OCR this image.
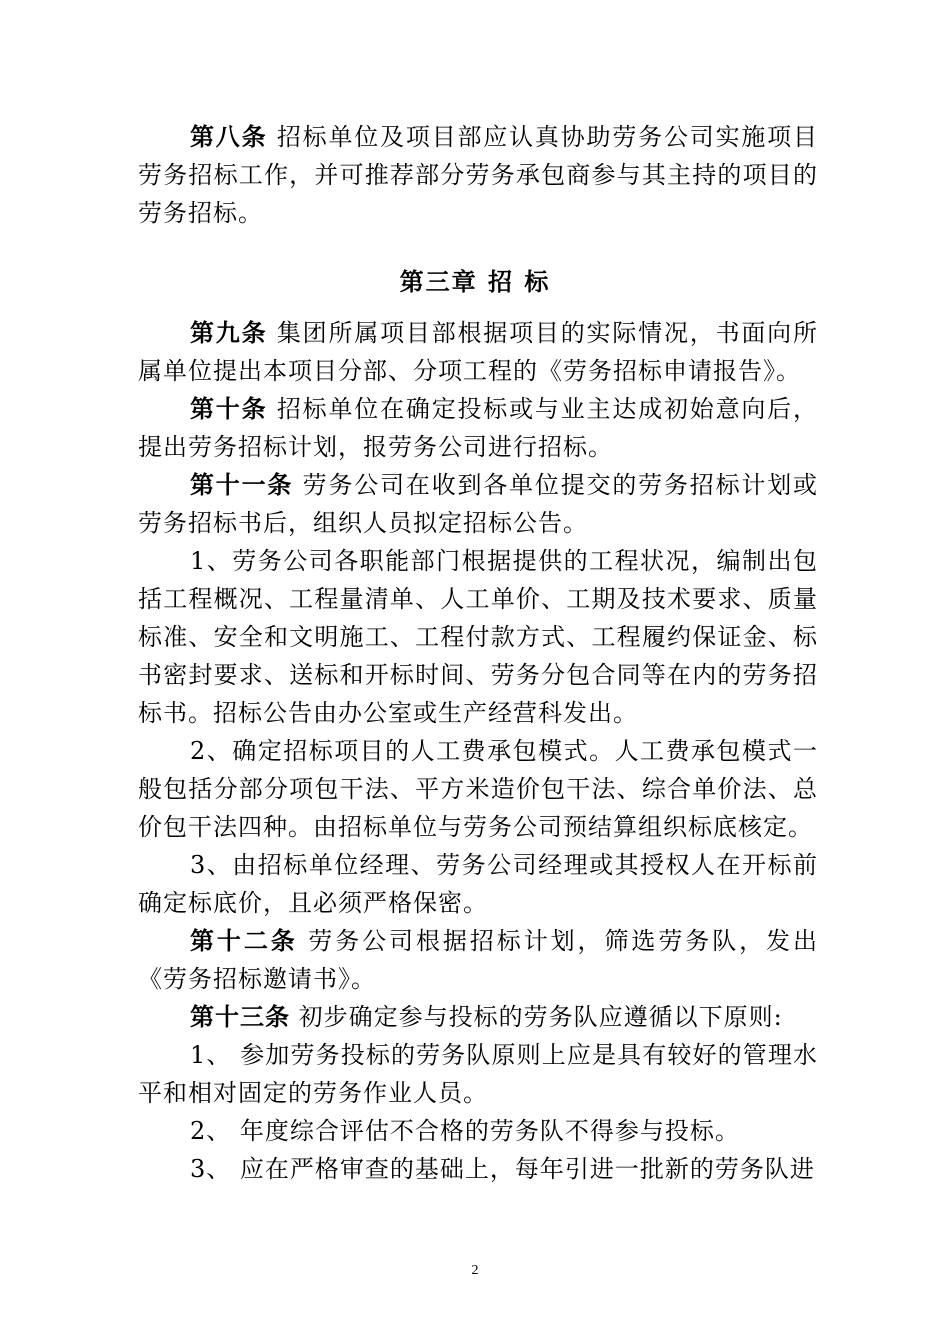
第八条 招标单位及项目部应认真协助劳务公司实施项目劳务招标工作，并可推荐部分劳务承包商参与其主持的项目的劳务招标。

第三章 招 标

第九条 集团所属项目部根据项目的实际情况，书面向所属单位提出本项目分部、分项工程的《劳务招标申请报告》。

第十条 招标单位在确定投标或与业主达成初始意向后，提出劳务招标计划，报劳务公司进行招标。

第十一条 劳务公司在收到各单位提交的劳务招标计划或劳务招标书后，组织人员拟定招标公告。

1、劳务公司各职能部门根据提供的工程状况，编制出包括工程概况、工程量清单、人工单价、工期及技术要求、质量标准、安全和文明施工、工程付款方式、工程履约保证金、标书密封要求、送标和开标时间、劳务分包合同等在内的劳务招标书。招标公告由办公室或生产经营科发出。

2、确定招标项目的人工费承包模式。人工费承包模式一般包括分部分项包干法、平方米造价包干法、综合单价法、总价包干法四种。由招标单位与劳务公司预结算组织标底核定。

3、由招标单位经理、劳务公司经理或其授权人在开标前确定标底价，且必须严格保密。

第十二条 劳务公司根据招标计划，筛选劳务队，发出《劳务招标邀请书》。

第十三条 初步确定参与投标的劳务队应遵循以下原则:

1、 参加劳务投标的劳务队原则上应是具有较好的管理水平和相对固定的劳务作业人员。

2、 年度综合评估不合格的劳务队不得参与投标。

3、 应在严格审查的基础上，每年引进一批新的劳务队进

2
